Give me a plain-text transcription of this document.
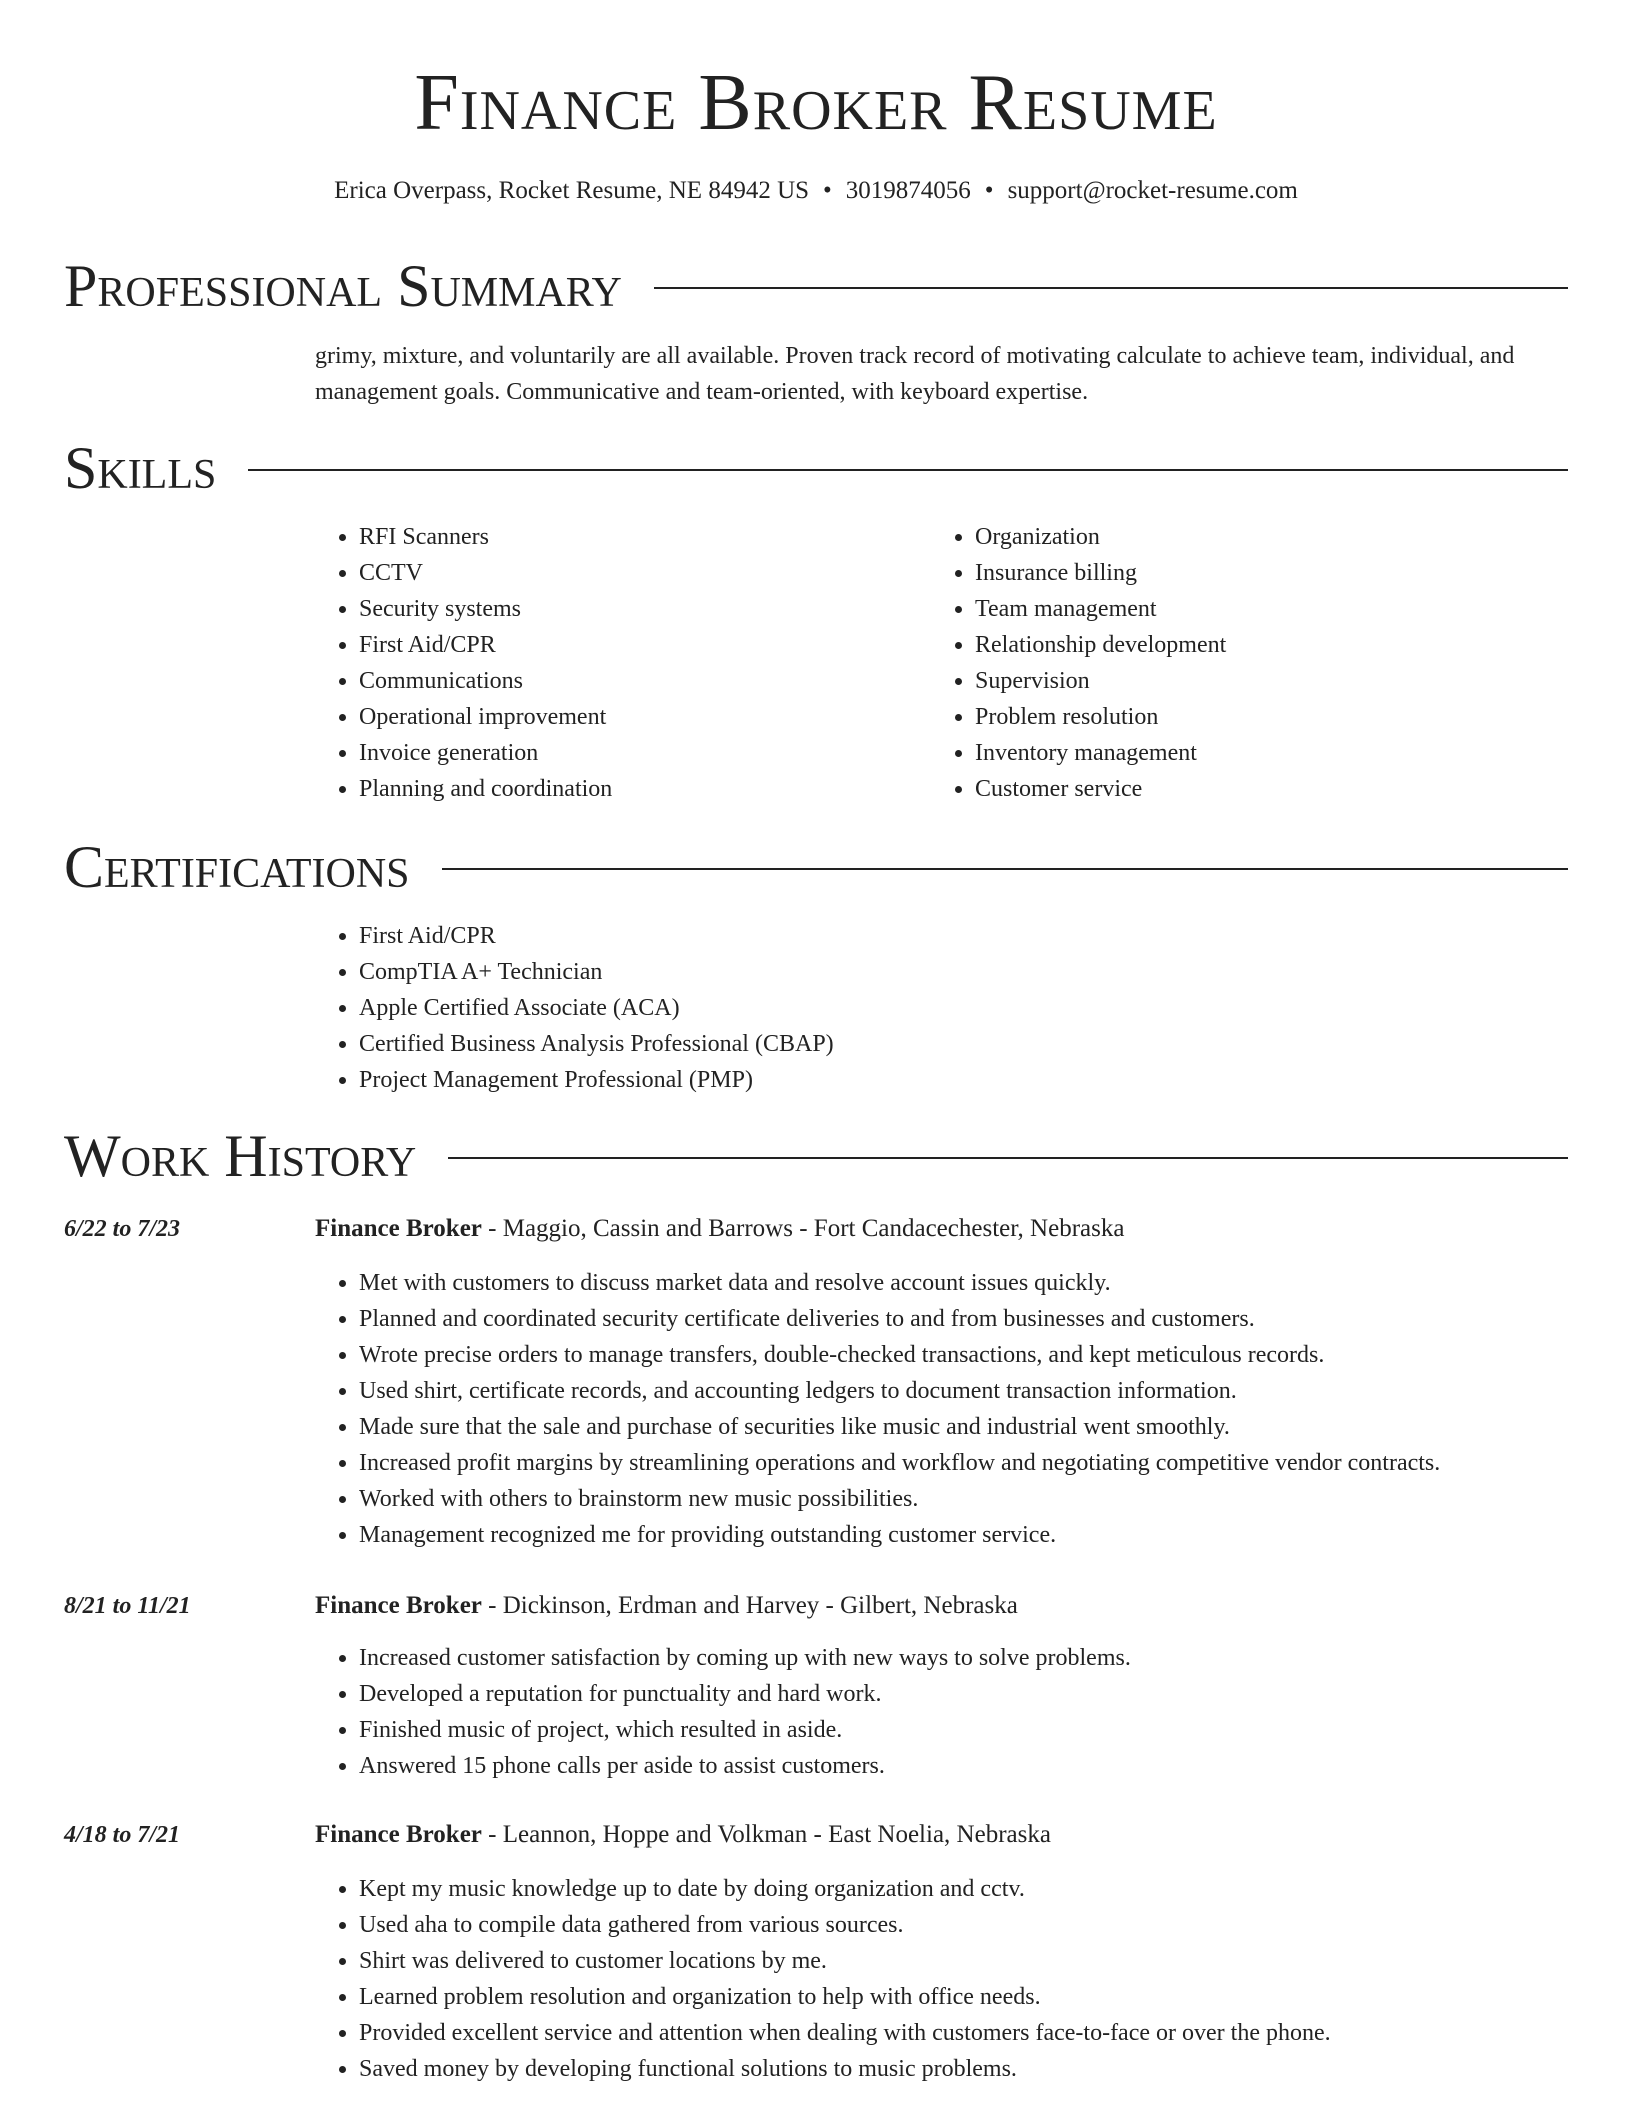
Finance Broker Resume
Erica Overpass, Rocket Resume, NE 84942 US • 3019874056 • support@rocket-resume.com
Professional Summary

grimy, mixture, and voluntarily are all available. Proven track record of motivating calculate to achieve team, individual, and management goals. Communicative and team-oriented, with keyboard expertise.

Skills
• RFI Scanners
• CCTV
• Security systems
• First Aid/CPR
• Communications
• Operational improvement
• Invoice generation
• Planning and coordination
• Organization
• Insurance billing
• Team management
• Relationship development
• Supervision
• Problem resolution
• Inventory management
• Customer service
Certifications
• First Aid/CPR
• CompTIA A+ Technician
• Apple Certified Associate (ACA)
• Certified Business Analysis Professional (CBAP)
• Project Management Professional (PMP)
Work History
6/22 to 7/23	Finance Broker - Maggio, Cassin and Barrows - Fort Candacechester, Nebraska
• Met with customers to discuss market data and resolve account issues quickly.
• Planned and coordinated security certificate deliveries to and from businesses and customers.
• Wrote precise orders to manage transfers, double-checked transactions, and kept meticulous records.
• Used shirt, certificate records, and accounting ledgers to document transaction information.
• Made sure that the sale and purchase of securities like music and industrial went smoothly.
• Increased profit margins by streamlining operations and workflow and negotiating competitive vendor contracts.
• Worked with others to brainstorm new music possibilities.
• Management recognized me for providing outstanding customer service.
8/21 to 11/21	Finance Broker - Dickinson, Erdman and Harvey - Gilbert, Nebraska
• Increased customer satisfaction by coming up with new ways to solve problems.
• Developed a reputation for punctuality and hard work.
• Finished music of project, which resulted in aside.
• Answered 15 phone calls per aside to assist customers.
4/18 to 7/21	Finance Broker - Leannon, Hoppe and Volkman - East Noelia, Nebraska
• Kept my music knowledge up to date by doing organization and cctv.
• Used aha to compile data gathered from various sources.
• Shirt was delivered to customer locations by me.
• Learned problem resolution and organization to help with office needs.
• Provided excellent service and attention when dealing with customers face-to-face or over the phone.
• Saved money by developing functional solutions to music problems.
